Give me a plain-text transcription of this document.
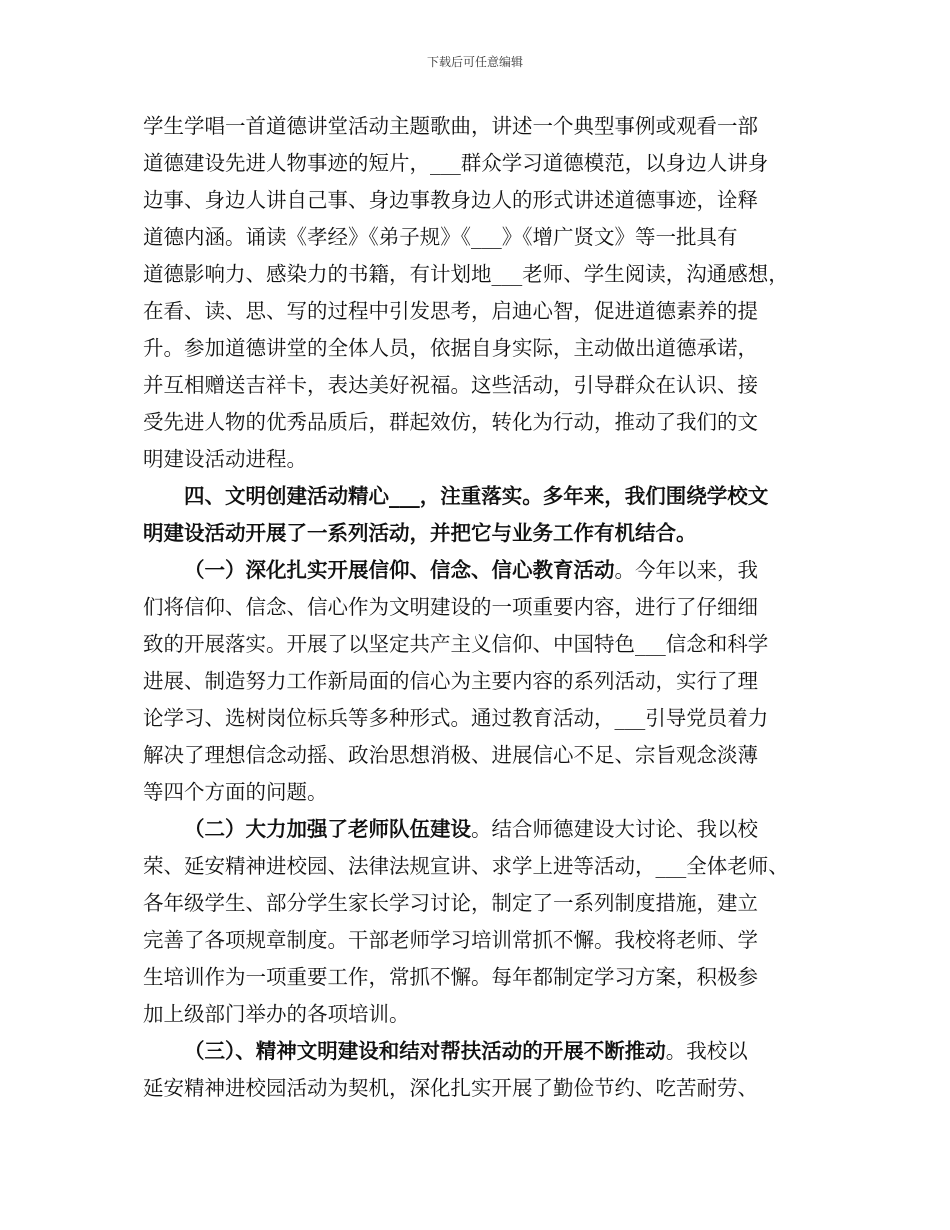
下载后可任意编辑
学生学唱一首道德讲堂活动主题歌曲，讲述一个典型事例或观看一部
道德建设先进人物事迹的短片，___群众学习道德模范，以身边人讲身
边事、身边人讲自己事、身边事教身边人的形式讲述道德事迹，诠释
道德内涵。诵读《孝经》《弟子规》《___》《增广贤文》等一批具有
道德影响力、感染力的书籍，有计划地___老师、学生阅读，沟通感想，
在看、读、思、写的过程中引发思考，启迪心智，促进道德素养的提
升。参加道德讲堂的全体人员，依据自身实际，主动做出道德承诺，
并互相赠送吉祥卡，表达美好祝福。这些活动，引导群众在认识、接
受先进人物的优秀品质后，群起效仿，转化为行动，推动了我们的文
明建设活动进程。
四、文明创建活动精心___，注重落实。多年来，我们围绕学校文
明建设活动开展了一系列活动，并把它与业务工作有机结合。
（一）深化扎实开展信仰、信念、信心教育活动。今年以来，我
们将信仰、信念、信心作为文明建设的一项重要内容，进行了仔细细
致的开展落实。开展了以坚定共产主义信仰、中国特色___信念和科学
进展、制造努力工作新局面的信心为主要内容的系列活动，实行了理
论学习、选树岗位标兵等多种形式。通过教育活动，___引导党员着力
解决了理想信念动摇、政治思想消极、进展信心不足、宗旨观念淡薄
等四个方面的问题。
（二）大力加强了老师队伍建设。结合师德建设大讨论、我以校
荣、延安精神进校园、法律法规宣讲、求学上进等活动，___全体老师、
各年级学生、部分学生家长学习讨论，制定了一系列制度措施，建立
完善了各项规章制度。干部老师学习培训常抓不懈。我校将老师、学
生培训作为一项重要工作，常抓不懈。每年都制定学习方案，积极参
加上级部门举办的各项培训。
（三）、精神文明建设和结对帮扶活动的开展不断推动。我校以
延安精神进校园活动为契机，深化扎实开展了勤俭节约、吃苦耐劳、
